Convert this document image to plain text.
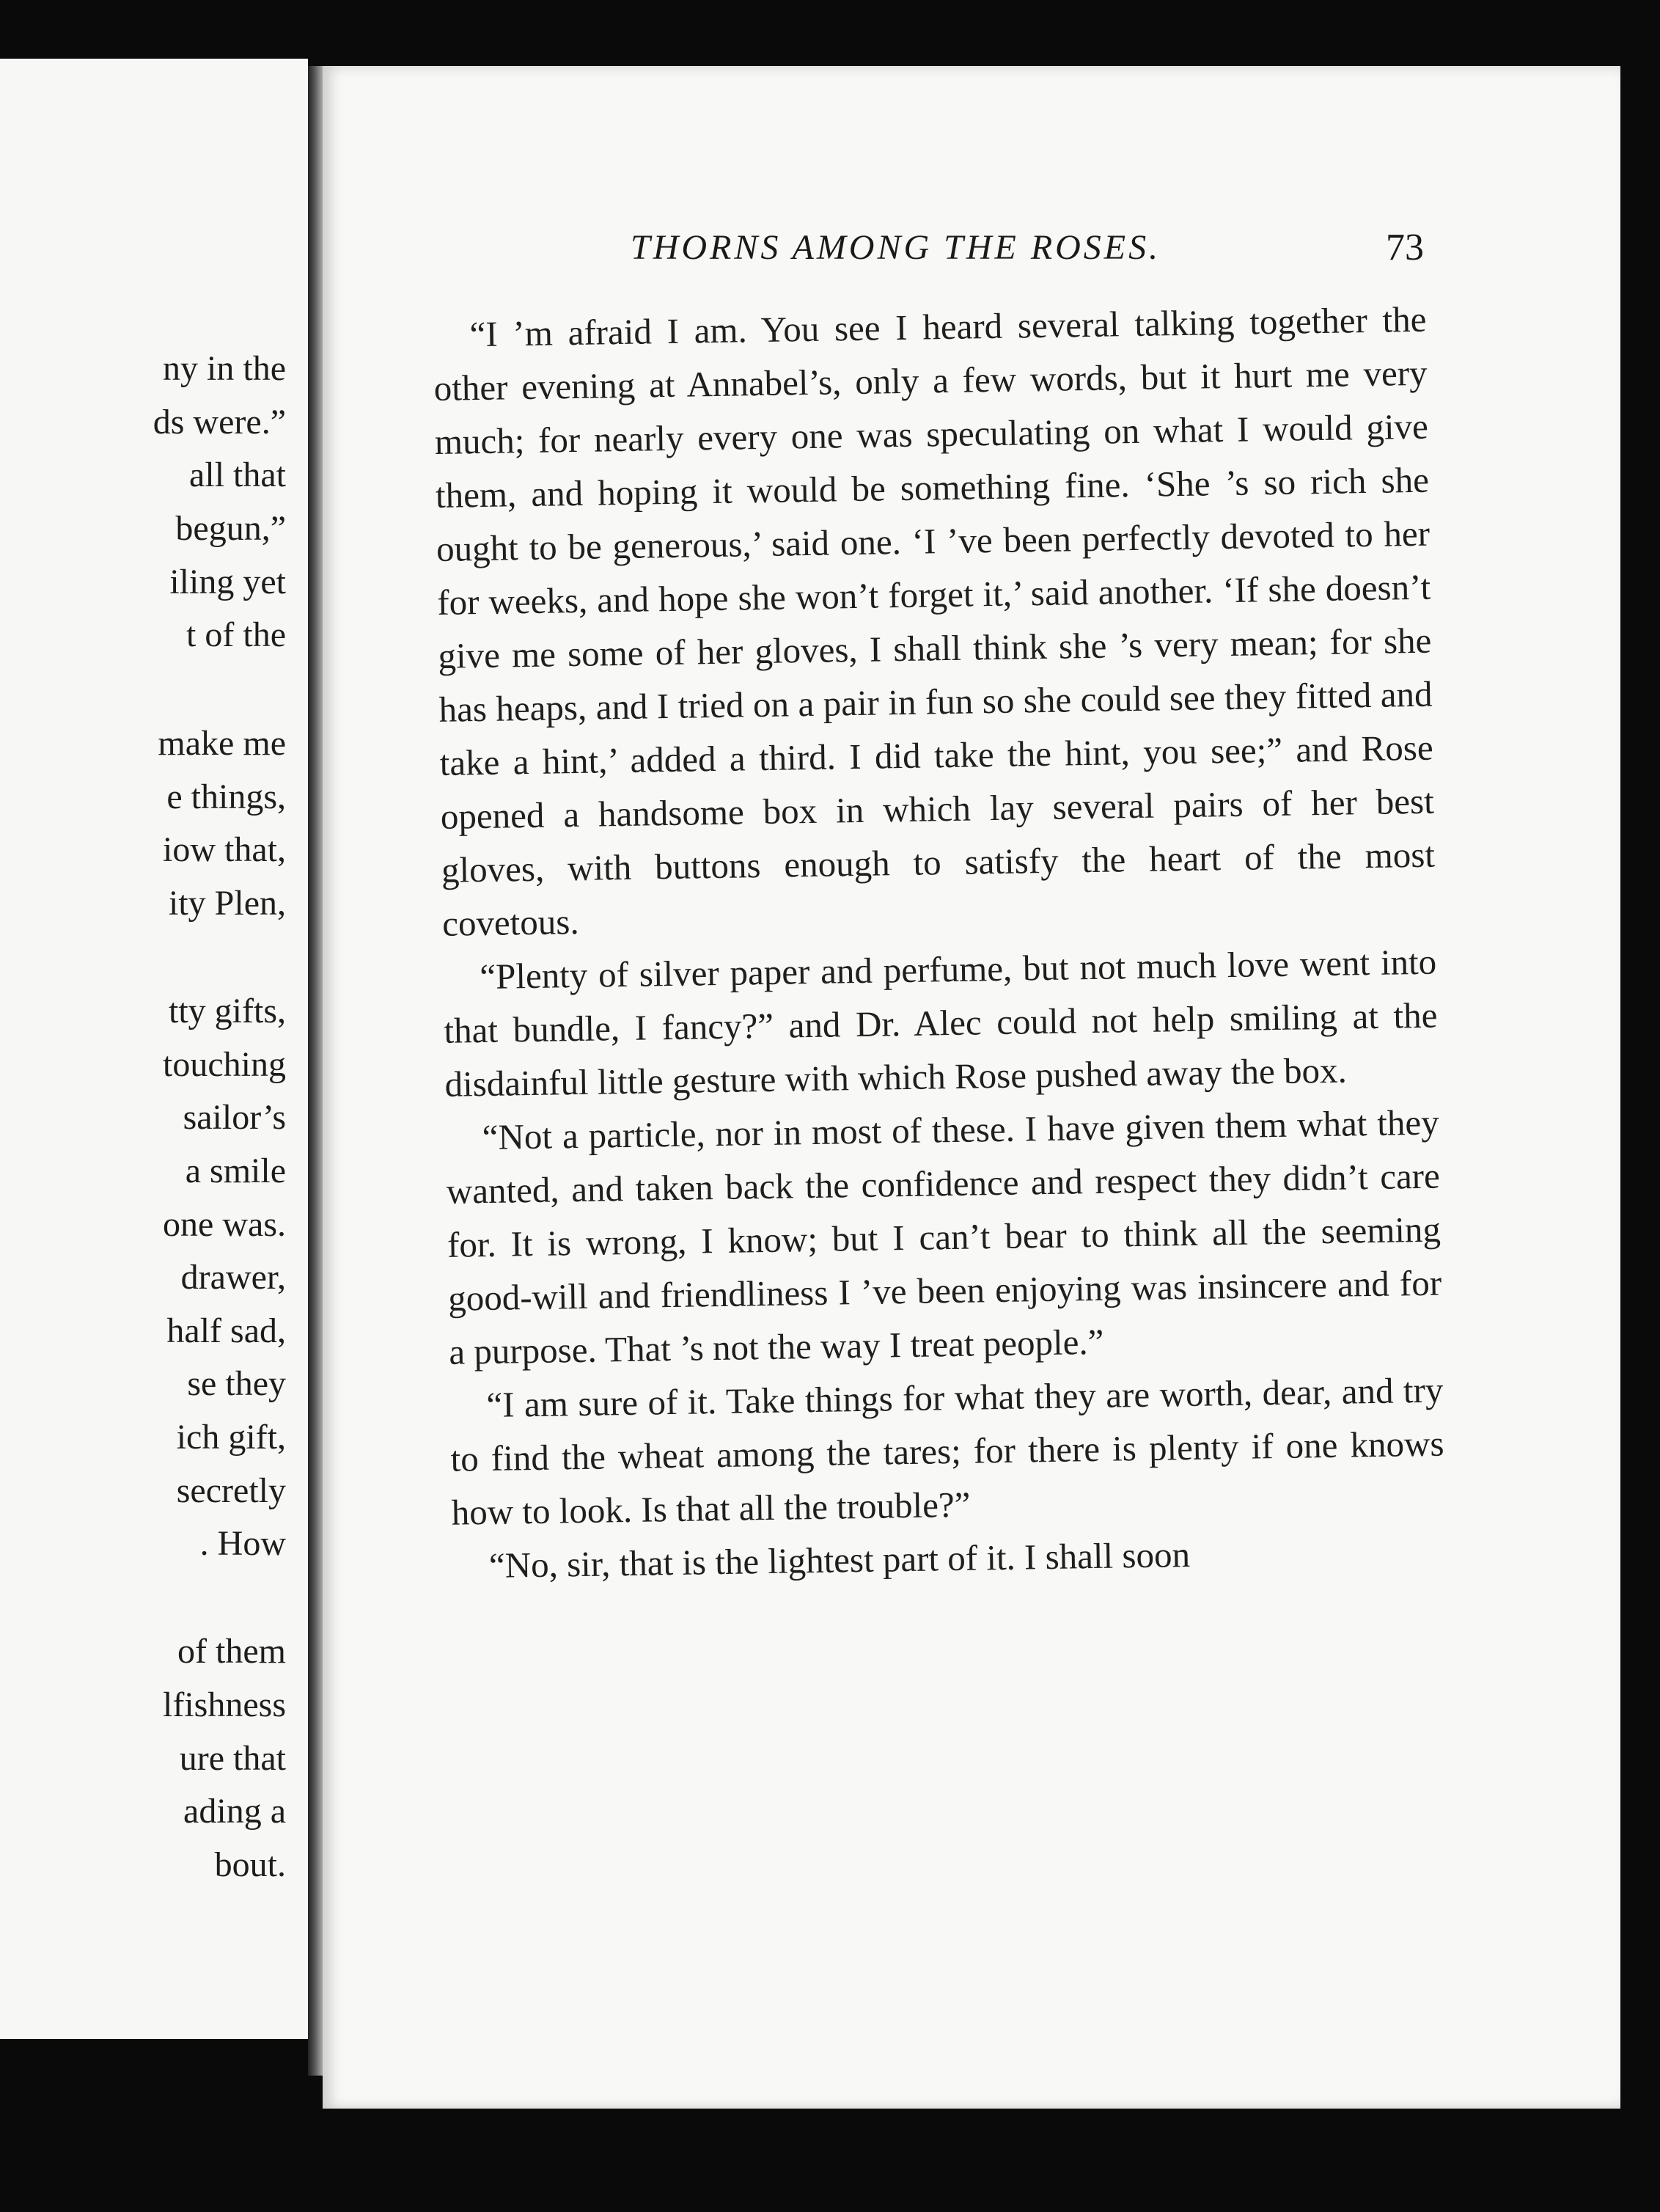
ny in the
ds were.”
all that
begun,”
iling yet
t of the
make me
e things,
iow that,
ity Plen,
tty gifts,
touching
sailor’s
a smile
one was.
drawer,
half sad,
se they
ich gift,
secretly
. How
of them
lfishness
ure that
ading a
bout.
THORNS AMONG THE ROSES.	73

“I ’m afraid I am. You see I heard several talking together the other evening at Annabel’s, only a few words, but it hurt me very much; for nearly every one was speculating on what I would give them, and hoping it would be something fine. ‘She ’s so rich she ought to be generous,’ said one. ‘I ’ve been perfectly devoted to her for weeks, and hope she won’t forget it,’ said another. ‘If she doesn’t give me some of her gloves, I shall think she ’s very mean; for she has heaps, and I tried on a pair in fun so she could see they fitted and take a hint,’ added a third. I did take the hint, you see;” and Rose opened a handsome box in which lay several pairs of her best gloves, with buttons enough to satisfy the heart of the most covetous.

“Plenty of silver paper and perfume, but not much love went into that bundle, I fancy?” and Dr. Alec could not help smiling at the disdainful little gesture with which Rose pushed away the box.

“Not a particle, nor in most of these. I have given them what they wanted, and taken back the confidence and respect they didn’t care for. It is wrong, I know; but I can’t bear to think all the seeming good-will and friendliness I ’ve been enjoying was insincere and for a purpose. That ’s not the way I treat people.”

“I am sure of it. Take things for what they are worth, dear, and try to find the wheat among the tares; for there is plenty if one knows how to look. Is that all the trouble?”

“No, sir, that is the lightest part of it. I shall soon
